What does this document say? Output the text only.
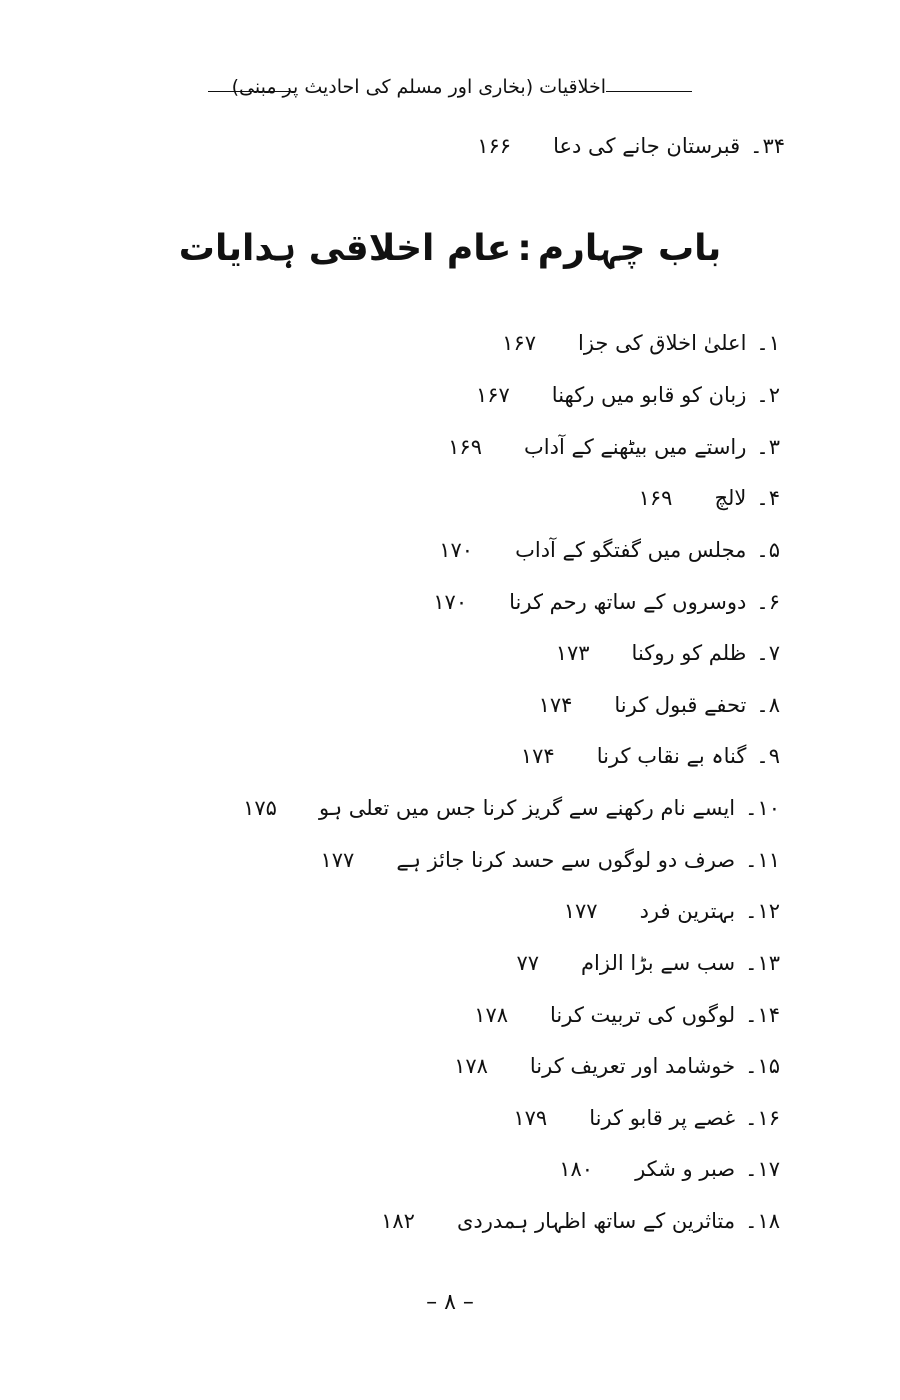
اخلاقیات (بخاری اور مسلم کی احادیث پر مبنی)
۳۴۔قبرستان جانے کی دعا۱۶۶
باب چہارم:عام اخلاقی ہدایات
۱۔اعلیٰ اخلاق کی جزا۱۶۷
۲۔زبان کو قابو میں رکھنا۱۶۷
۳۔راستے میں بیٹھنے کے آداب۱۶۹
۴۔لالچ۱۶۹
۵۔مجلس میں گفتگو کے آداب۱۷۰
۶۔دوسروں کے ساتھ رحم کرنا۱۷۰
۷۔ظلم کو روکنا۱۷۳
۸۔تحفے قبول کرنا۱۷۴
۹۔گناہ بے نقاب کرنا۱۷۴
۱۰۔ایسے نام رکھنے سے گریز کرنا جس میں تعلی ہو۱۷۵
۱۱۔صرف دو لوگوں سے حسد کرنا جائز ہے۱۷۷
۱۲۔بہترین فرد۱۷۷
۱۳۔سب سے بڑا الزام۷۷
۱۴۔لوگوں کی تربیت کرنا۱۷۸
۱۵۔خوشامد اور تعریف کرنا۱۷۸
۱۶۔غصے پر قابو کرنا۱۷۹
۱۷۔صبر و شکر۱۸۰
۱۸۔متاثرین کے ساتھ اظہار ہمدردی۱۸۲
– ۸ –
